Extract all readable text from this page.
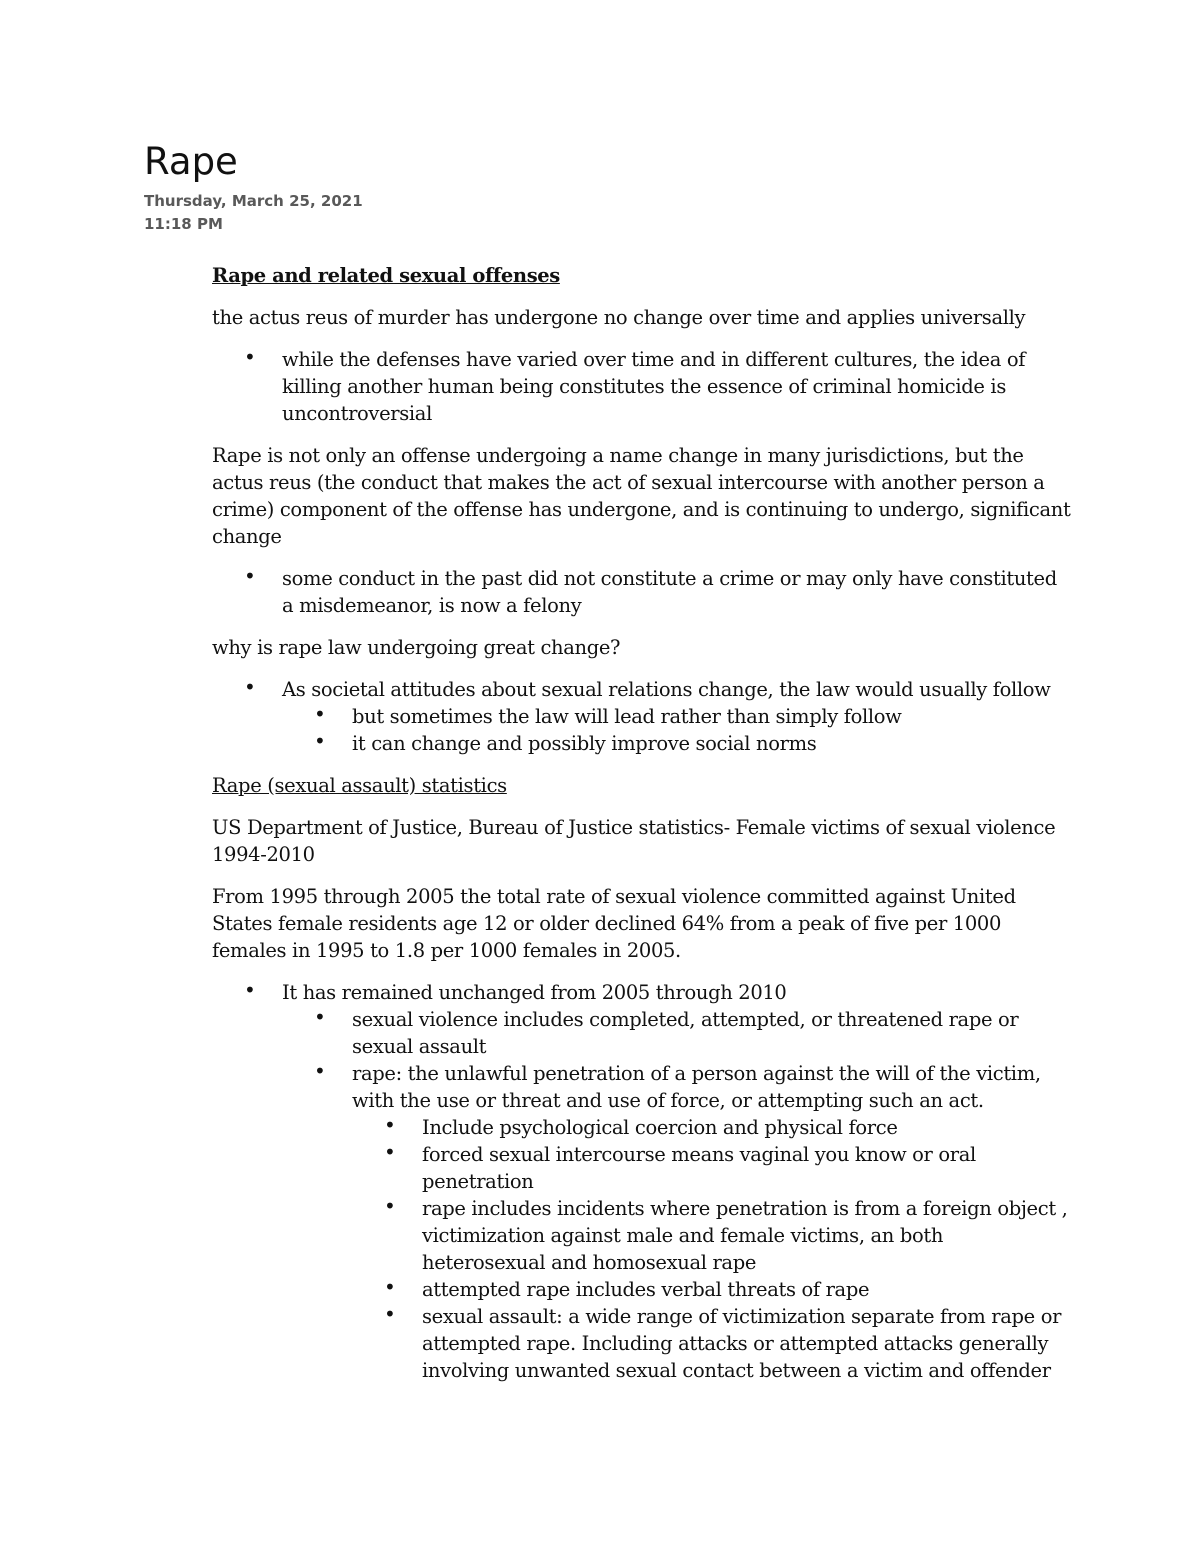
Rape
Thursday, March 25, 2021
11:18 PM

Rape and related sexual offenses

the actus reus of murder has undergone no change over time and applies universally

• while the defenses have varied over time and in different cultures, the idea of killing another human being constitutes the essence of criminal homicide is uncontroversial

Rape is not only an offense undergoing a name change in many jurisdictions, but the actus reus (the conduct that makes the act of sexual intercourse with another person a crime) component of the offense has undergone, and is continuing to undergo, significant change

• some conduct in the past did not constitute a crime or may only have constituted a misdemeanor, is now a felony

why is rape law undergoing great change?

• As societal attitudes about sexual relations change, the law would usually follow
• but sometimes the law will lead rather than simply follow
• it can change and possibly improve social norms

Rape (sexual assault) statistics

US Department of Justice, Bureau of Justice statistics- Female victims of sexual violence 1994-2010

From 1995 through 2005 the total rate of sexual violence committed against United States female residents age 12 or older declined 64% from a peak of five per 1000 females in 1995 to 1.8 per 1000 females in 2005.

• It has remained unchanged from 2005 through 2010
• sexual violence includes completed, attempted, or threatened rape or sexual assault
• rape: the unlawful penetration of a person against the will of the victim, with the use or threat and use of force, or attempting such an act.
• Include psychological coercion and physical force
• forced sexual intercourse means vaginal you know or oral penetration
• rape includes incidents where penetration is from a foreign object , victimization against male and female victims, an both heterosexual and homosexual rape
• attempted rape includes verbal threats of rape
• sexual assault: a wide range of victimization separate from rape or attempted rape. Including attacks or attempted attacks generally involving unwanted sexual contact between a victim and offender
